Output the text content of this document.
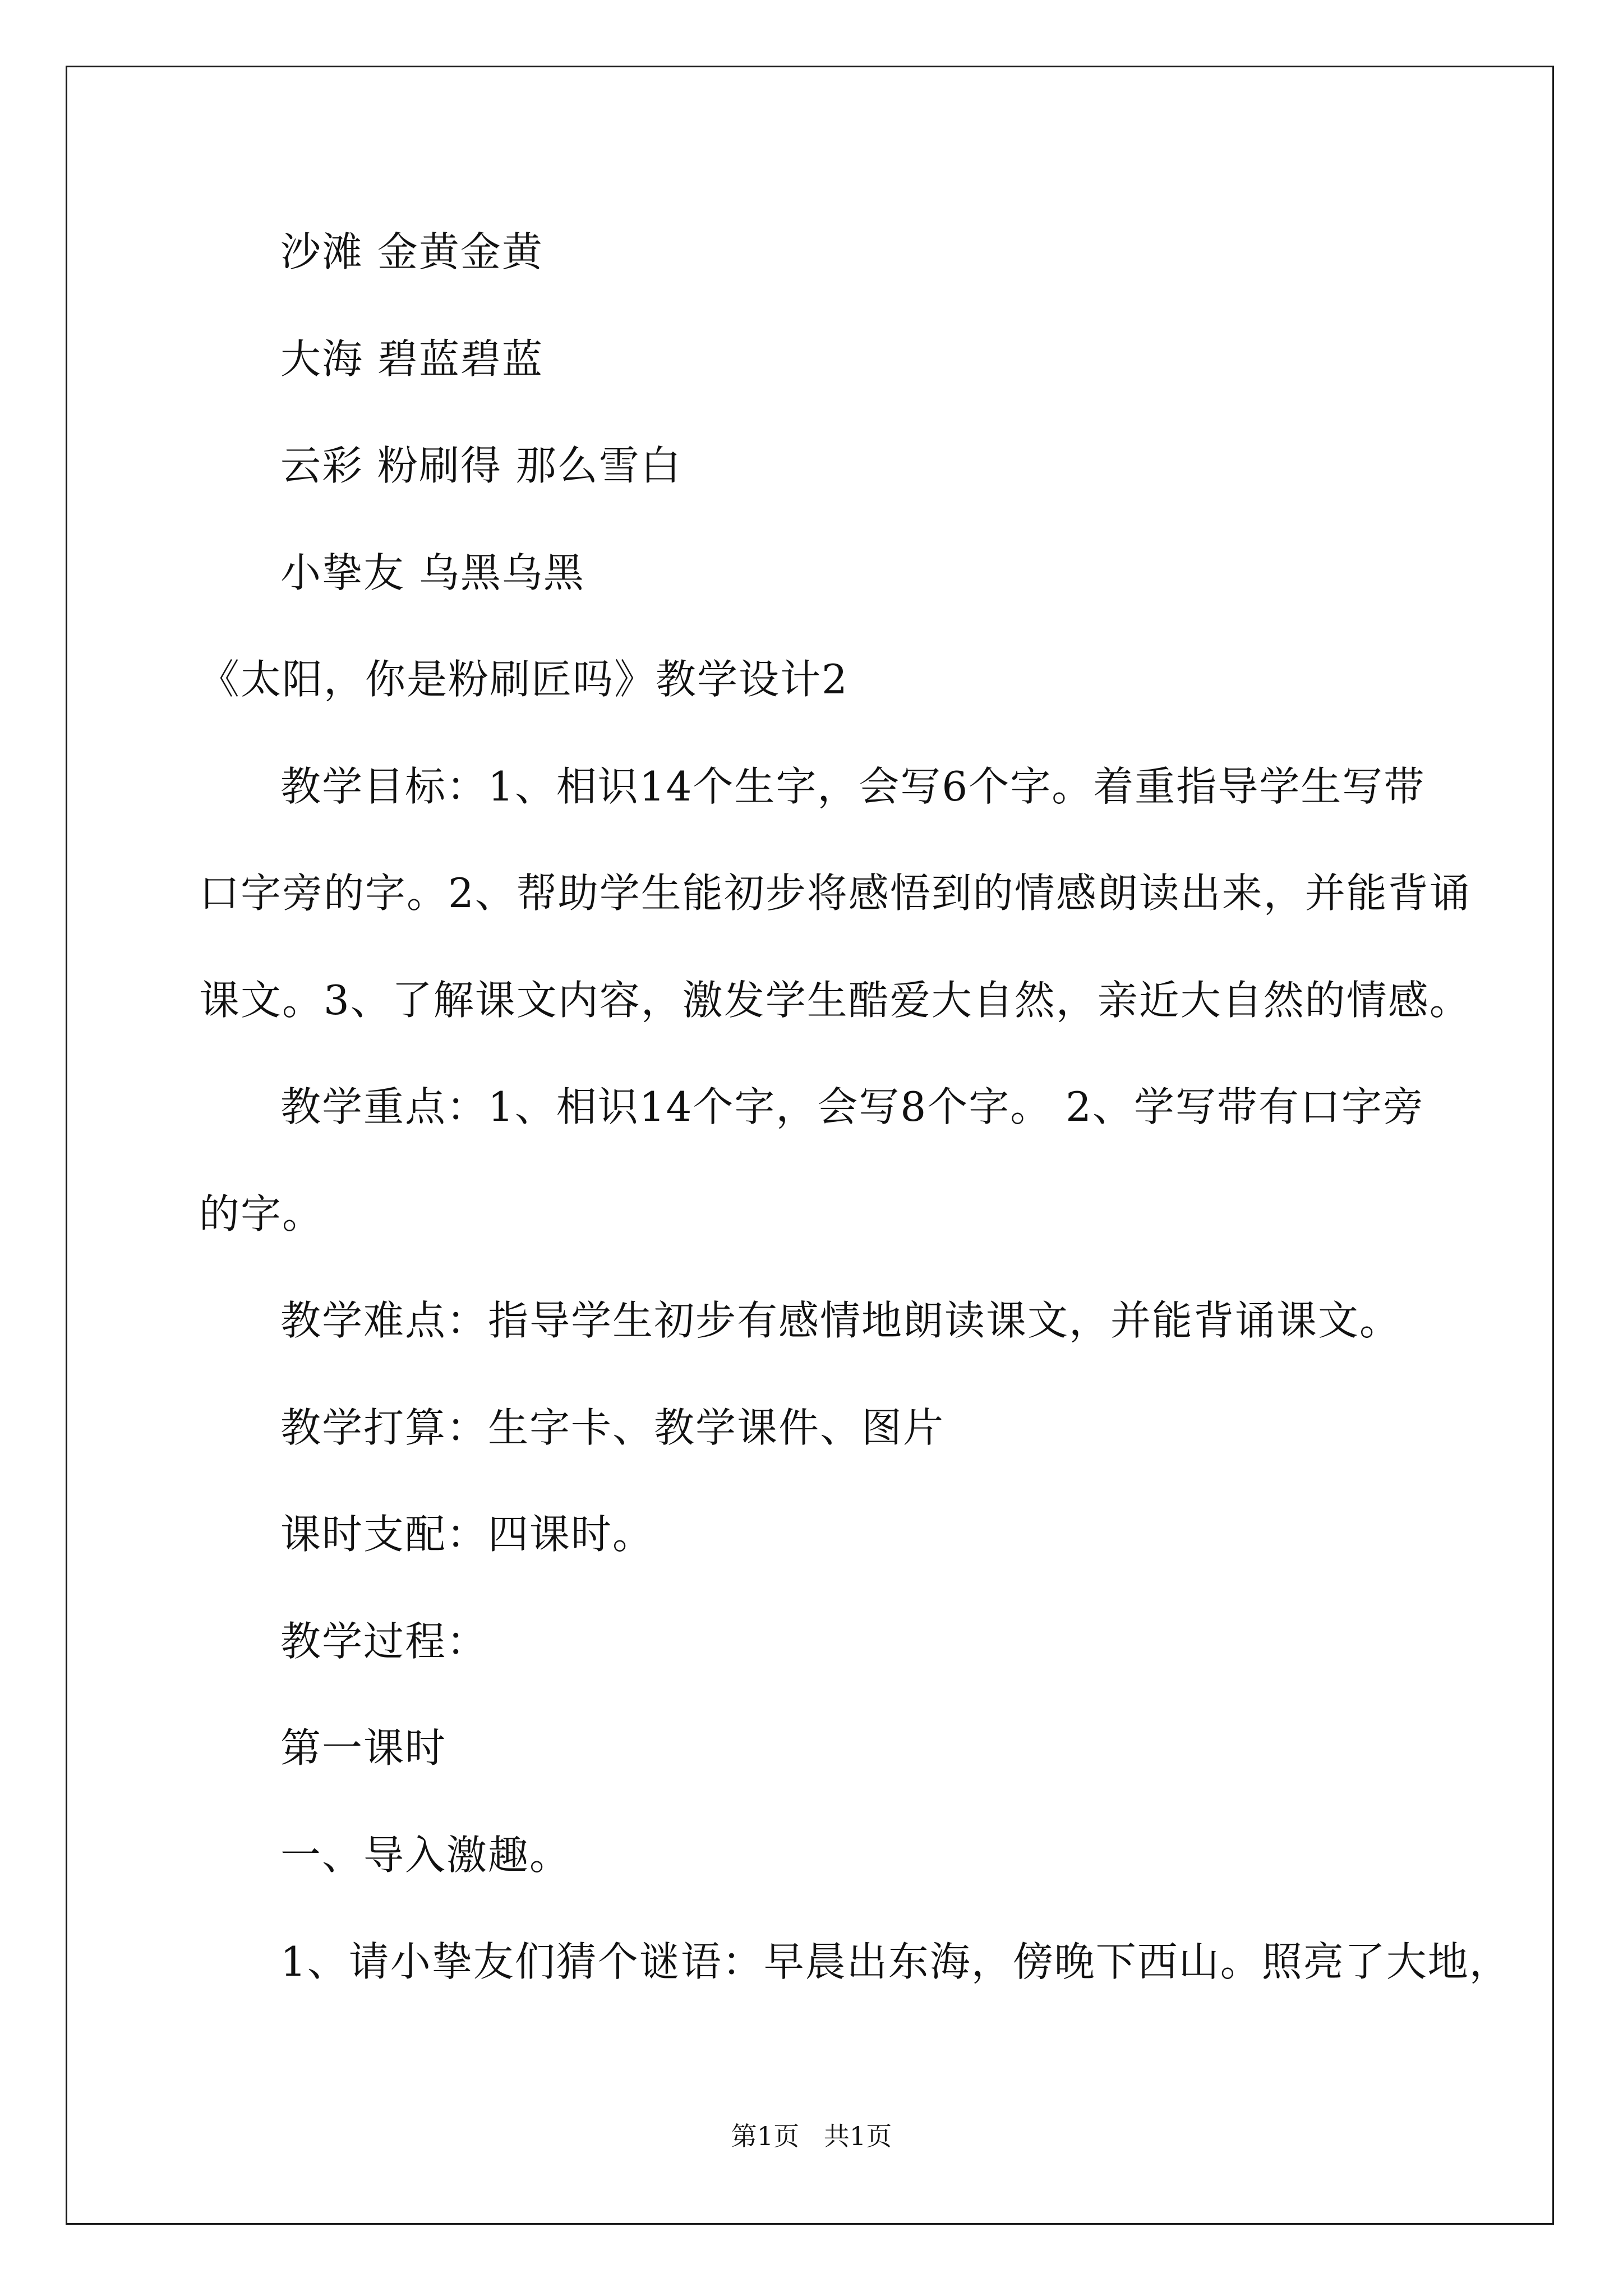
沙滩 金黄金黄
大海 碧蓝碧蓝
云彩 粉刷得 那么雪白
小挚友 乌黑乌黑
《太阳，你是粉刷匠吗》教学设计2
教学目标：1、相识14个生字，会写6个字。着重指导学生写带
口字旁的字。2、帮助学生能初步将感悟到的情感朗读出来，并能背诵
课文。3、了解课文内容，激发学生酷爱大自然，亲近大自然的情感。
教学重点：1、相识14个字，会写8个字。 2、学写带有口字旁
的字。
教学难点：指导学生初步有感情地朗读课文，并能背诵课文。
教学打算：生字卡、教学课件、图片
课时支配：四课时。
教学过程：
第一课时
一、导入激趣。
1、请小挚友们猜个谜语：早晨出东海，傍晚下西山。照亮了大地，
第1页   共1页
